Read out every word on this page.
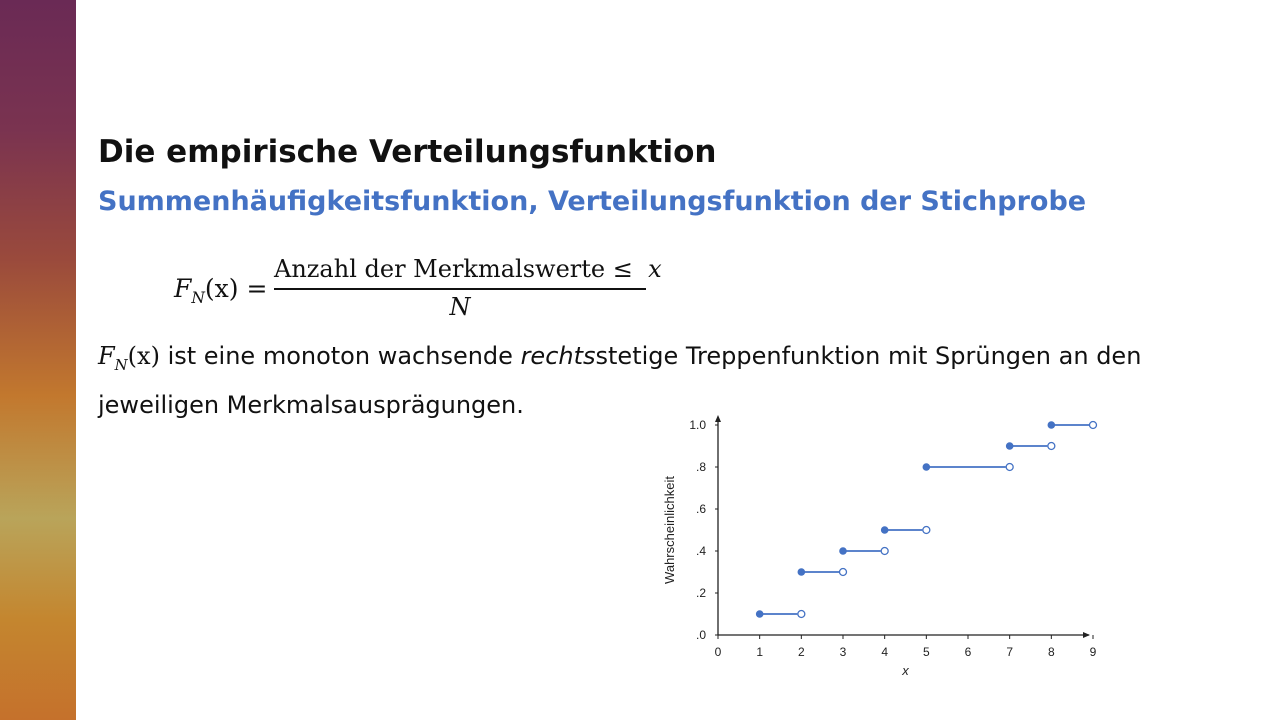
Die empirische Verteilungsfunktion
Summenhäufigkeitsfunktion, Verteilungsfunktion der Stichprobe
$F_N(x)$ =
Anzahl der Merkmalswerte ≤ x
N
$F_N(x)$ ist eine monoton wachsende rechtsstetige Treppenfunktion mit Sprüngen an den jeweiligen Merkmalsausprägungen.
.0
.2
.4
.6
.8
1.0
0	1	2	3	4	5	6	7	8	9
x
Wahrscheinlichkeit
